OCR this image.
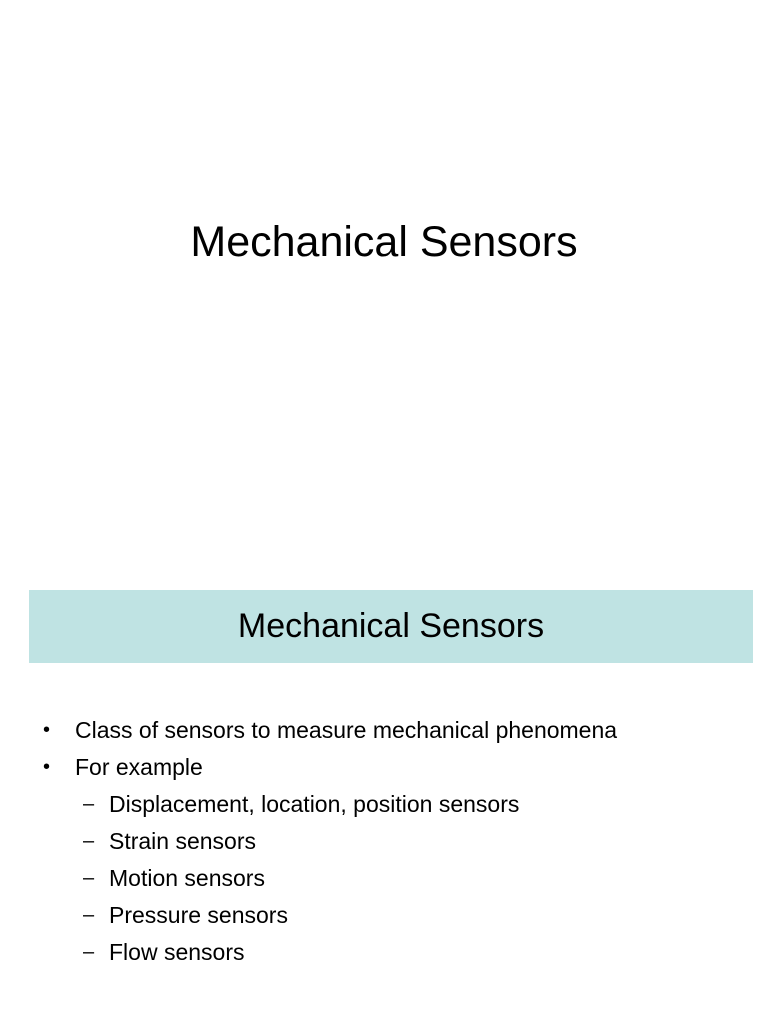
Mechanical Sensors
Mechanical Sensors
• Class of sensors to measure mechanical phenomena
• For example
– Displacement, location, position sensors
– Strain sensors
– Motion sensors
– Pressure sensors
– Flow sensors
